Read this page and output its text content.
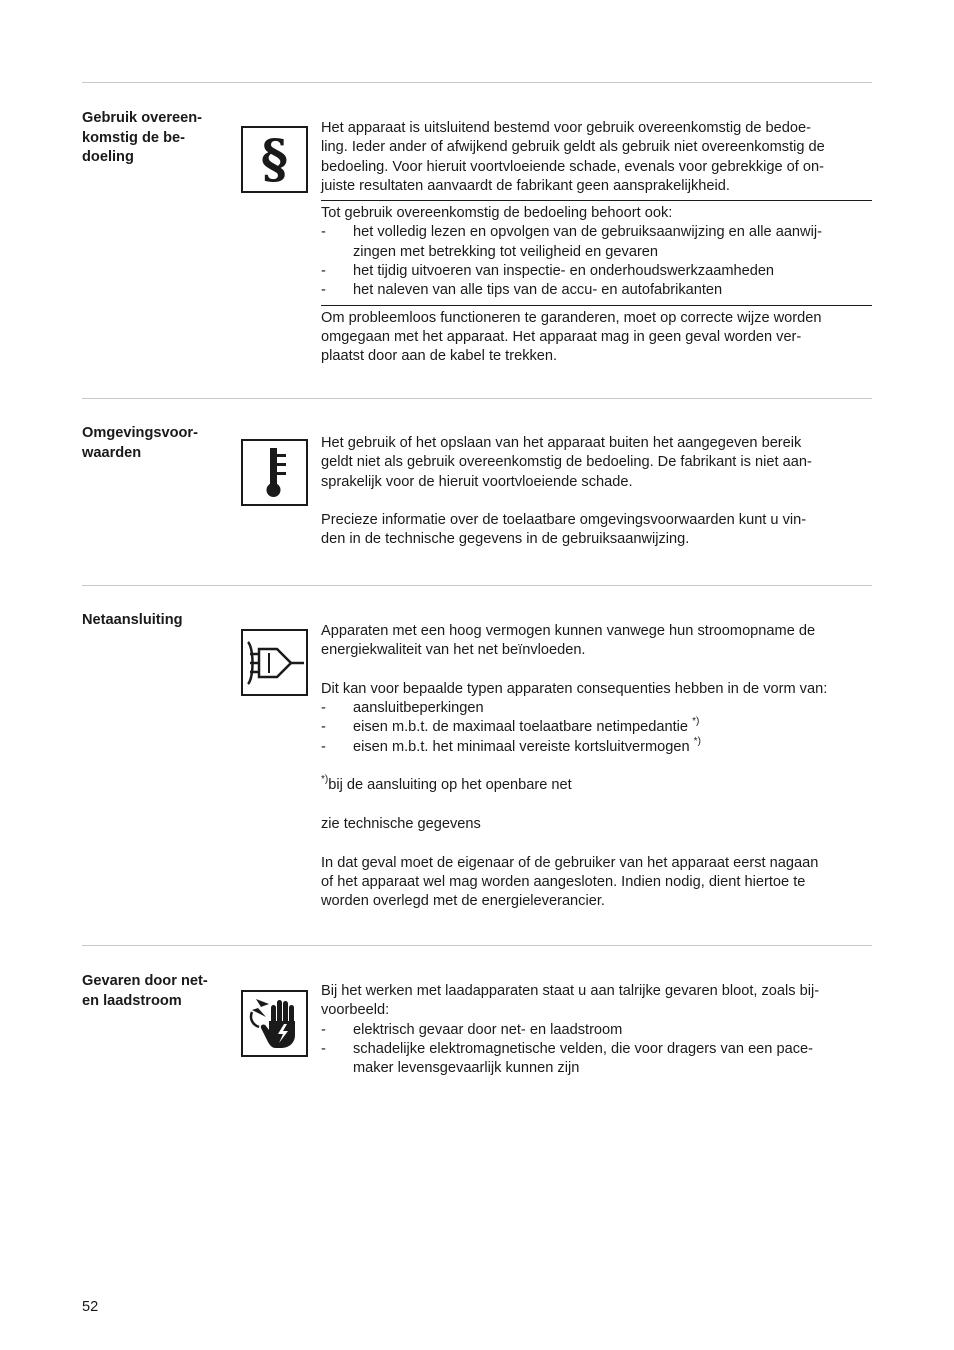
Gebruik overeen-
komstig de be-
doeling	§

Het apparaat is uitsluitend bestemd voor gebruik overeenkomstig de bedoe-
ling. Ieder ander of afwijkend gebruik geldt als gebruik niet overeenkomstig de
bedoeling. Voor hieruit voortvloeiende schade, evenals voor gebrekkige of on-
juiste resultaten aanvaardt de fabrikant geen aansprakelijkheid.

Tot gebruik overeenkomstig de bedoeling behoort ook:

- het volledig lezen en opvolgen van de gebruiksaanwijzing en alle aanwij-
zingen met betrekking tot veiligheid en gevaren
- het tijdig uitvoeren van inspectie- en onderhoudswerkzaamheden
- het naleven van alle tips van de accu- en autofabrikanten

Om probleemloos functioneren te garanderen, moet op correcte wijze worden
omgegaan met het apparaat. Het apparaat mag in geen geval worden ver-
plaatst door aan de kabel te trekken.

Omgevingsvoor-
waarden

Het gebruik of het opslaan van het apparaat buiten het aangegeven bereik
geldt niet als gebruik overeenkomstig de bedoeling. De fabrikant is niet aan-
sprakelijk voor de hieruit voortvloeiende schade.

Precieze informatie over de toelaatbare omgevingsvoorwaarden kunt u vin-
den in de technische gegevens in de gebruiksaanwijzing.

Netaansluiting

Apparaten met een hoog vermogen kunnen vanwege hun stroomopname de
energiekwaliteit van het net beïnvloeden.

Dit kan voor bepaalde typen apparaten consequenties hebben in de vorm van:

- aansluitbeperkingen
- eisen m.b.t. de maximaal toelaatbare netimpedantie *)
- eisen m.b.t. het minimaal vereiste kortsluitvermogen *)

*)bij de aansluiting op het openbare net

zie technische gegevens

In dat geval moet de eigenaar of de gebruiker van het apparaat eerst nagaan
of het apparaat wel mag worden aangesloten. Indien nodig, dient hiertoe te
worden overlegd met de energieleverancier.

Gevaren door net-
en laadstroom

Bij het werken met laadapparaten staat u aan talrijke gevaren bloot, zoals bij-
voorbeeld:

- elektrisch gevaar door net- en laadstroom
- schadelijke elektromagnetische velden, die voor dragers van een pace-
maker levensgevaarlijk kunnen zijn
52
